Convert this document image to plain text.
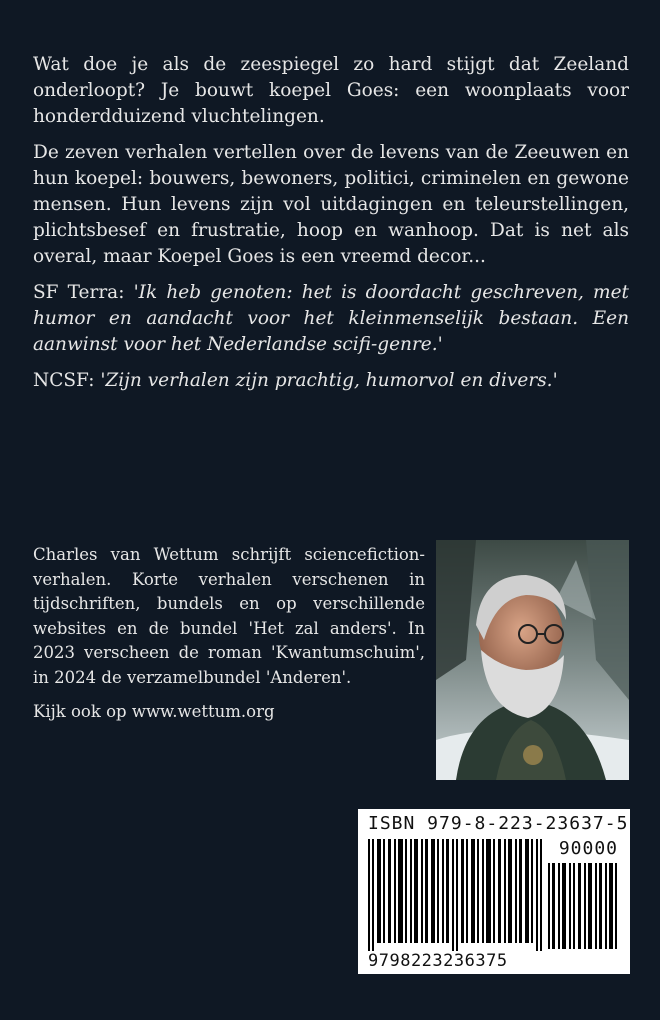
Wat doe je als de zeespiegel zo hard stijgt dat Zeeland onderloopt? Je bouwt koepel Goes: een woonplaats voor honderdduizend vluchtelingen.

De zeven verhalen vertellen over de levens van de Zeeuwen en hun koepel: bouwers, bewoners, politici, criminelen en gewone mensen. Hun levens zijn vol uitdagingen en teleurstellingen, plichtsbesef en frustratie, hoop en wanhoop. Dat is net als overal, maar Koepel Goes is een vreemd decor...

SF Terra: 'Ik heb genoten: het is doordacht geschreven, met humor en aandacht voor het kleinmenselijk bestaan. Een aanwinst voor het Nederlandse scifi-genre.'

NCSF: 'Zijn verhalen zijn prachtig, humorvol en divers.'

Charles van Wettum schrijft sciencefiction-verhalen. Korte verhalen verschenen in tijdschriften, bundels en op verschillende websites en de bundel 'Het zal anders'. In 2023 verscheen de roman 'Kwantumschuim', in 2024 de verzamelbundel 'Anderen'.

Kijk ook op www.wettum.org

ISBN 979-8-223-23637-5
90000
9798223236375
